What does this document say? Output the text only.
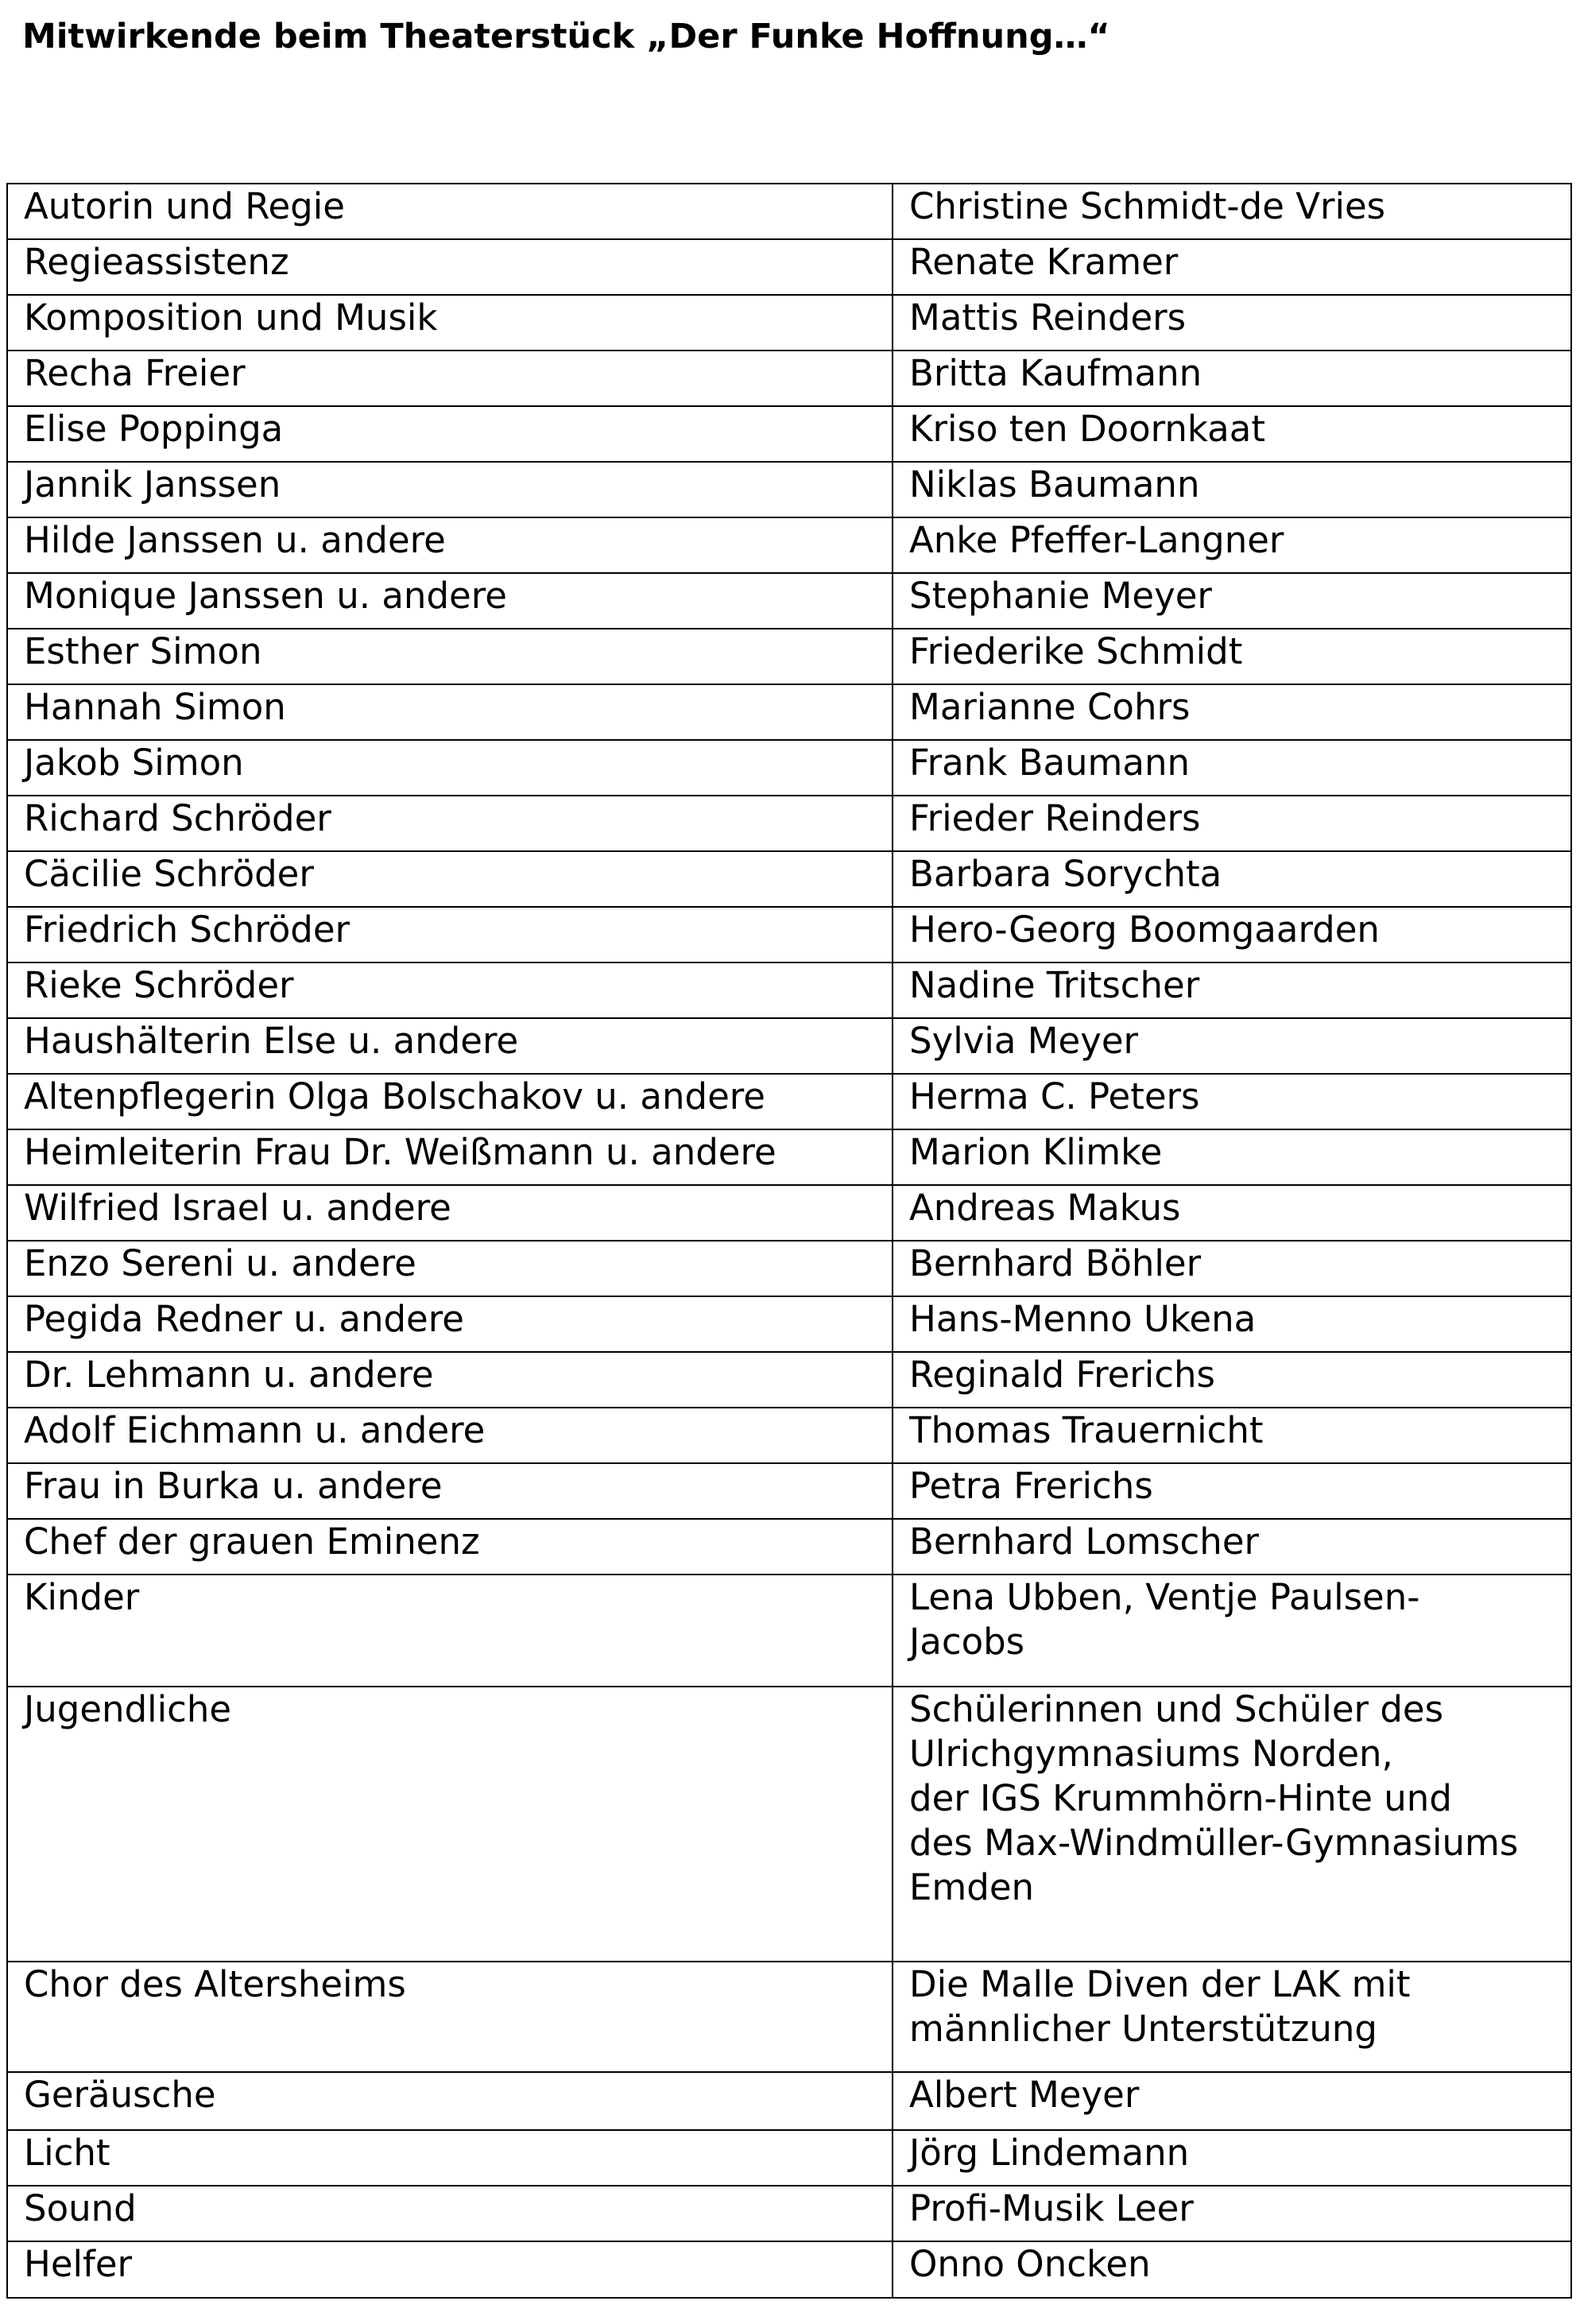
Mitwirkende beim Theaterstück „Der Funke Hoffnung…“
Autorin und Regie	Christine Schmidt-de Vries
Regieassistenz	Renate Kramer
Komposition und Musik	Mattis Reinders
Recha Freier	Britta Kaufmann
Elise Poppinga	Kriso ten Doornkaat
Jannik Janssen	Niklas Baumann
Hilde Janssen u. andere	Anke Pfeffer-Langner
Monique Janssen u. andere	Stephanie Meyer
Esther Simon	Friederike Schmidt
Hannah Simon	Marianne Cohrs
Jakob Simon	Frank Baumann
Richard Schröder	Frieder Reinders
Cäcilie Schröder	Barbara Sorychta
Friedrich Schröder	Hero-Georg Boomgaarden
Rieke Schröder	Nadine Tritscher
Haushälterin Else u. andere	Sylvia Meyer
Altenpflegerin Olga Bolschakov u. andere	Herma C. Peters
Heimleiterin Frau Dr. Weißmann u. andere	Marion Klimke
Wilfried Israel u. andere	Andreas Makus
Enzo Sereni u. andere	Bernhard Böhler
Pegida Redner u. andere	Hans-Menno Ukena
Dr. Lehmann u. andere	Reginald Frerichs
Adolf Eichmann u. andere	Thomas Trauernicht
Frau in Burka u. andere	Petra Frerichs
Chef der grauen Eminenz	Bernhard Lomscher
Kinder	Lena Ubben, Ventje Paulsen-
Jacobs
Jugendliche	Schülerinnen und Schüler des
Ulrichgymnasiums Norden,
der IGS Krummhörn-Hinte und
des Max-Windmüller-Gymnasiums
Emden
Chor des Altersheims	Die Malle Diven der LAK mit
männlicher Unterstützung
Geräusche	Albert Meyer
Licht	Jörg Lindemann
Sound	Profi-Musik Leer
Helfer	Onno Oncken
